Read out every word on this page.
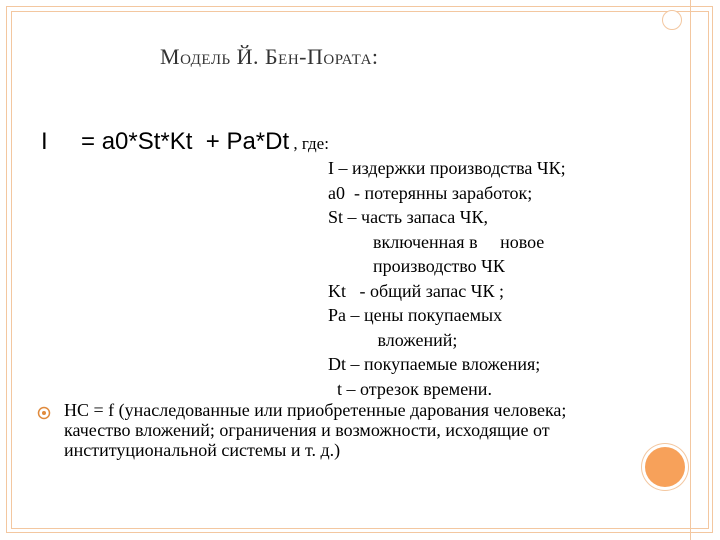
Модель Й. Бен-Пората:
I     = a0*St*Kt  + Pa*Dt , где:
I – издержки производства ЧК;
a0  - потерянны заработок;
St – часть запаса ЧК,
включенная в     новое
производство ЧК
Kt   - общий запас ЧК ;
Pa – цены покупаемых
вложений;
Dt – покупаемые вложения;
t – отрезок времени.
HC = f (унаследованные или приобретенные дарования человека; качество вложений; ограничения и возможности, исходящие от институциональной системы и т. д.)
